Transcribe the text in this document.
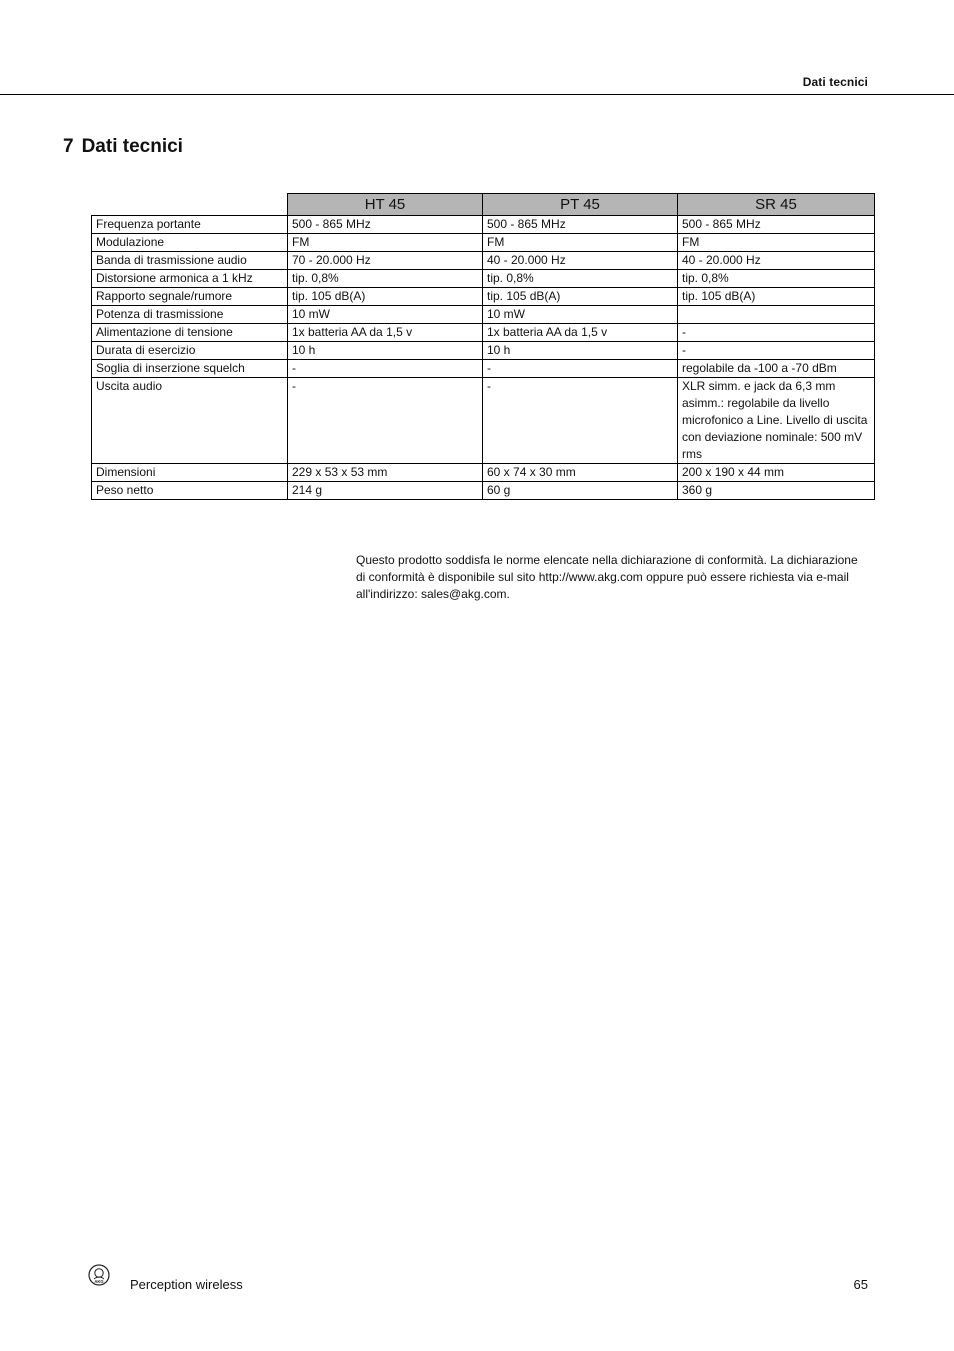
Dati tecnici
7 Dati tecnici
	HT 45	PT 45	SR 45
Frequenza portante	500 - 865 MHz	500 - 865 MHz	500 - 865 MHz
Modulazione	FM	FM	FM
Banda di trasmissione audio	70 - 20.000 Hz	40 - 20.000 Hz	40 - 20.000 Hz
Distorsione armonica a 1 kHz	tip. 0,8%	tip. 0,8%	tip. 0,8%
Rapporto segnale/rumore	tip. 105 dB(A)	tip. 105 dB(A)	tip. 105 dB(A)
Potenza di trasmissione	10 mW	10 mW	
Alimentazione di tensione	1x batteria AA da 1,5 v	1x batteria AA da 1,5 v	-
Durata di esercizio	10 h	10 h	-
Soglia di inserzione squelch	-	-	regolabile da -100 a -70 dBm
Uscita audio	-	-	XLR simm. e jack da 6,3 mm asimm.: regolabile da livello microfonico a Line. Livello di uscita con deviazione nominale: 500 mV rms
Dimensioni	229 x 53 x 53 mm	60 x 74 x 30 mm	200 x 190 x 44 mm
Peso netto	214 g	60 g	360 g

Questo prodotto soddisfa le norme elencate nella dichiarazione di conformità. La dichiarazione di conformità è disponibile sul sito http://www.akg.com oppure può essere richiesta via e-mail all'indirizzo: sales@akg.com.

AKG Perception wireless	65
